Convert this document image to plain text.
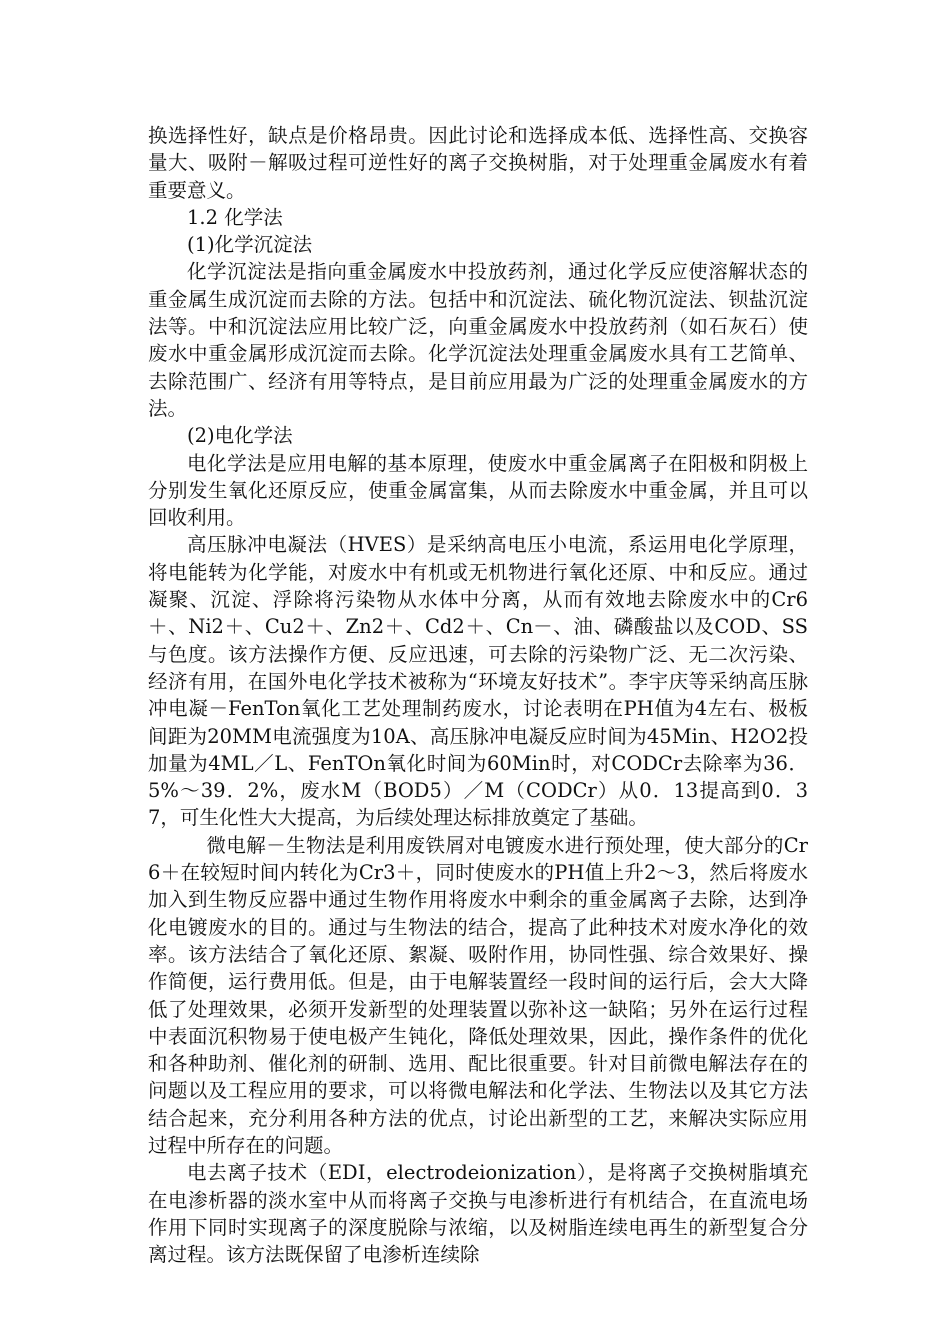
换选择性好，缺点是价格昂贵。因此讨论和选择成本低、选择性高、交换容量大、吸附－解吸过程可逆性好的离子交换树脂，对于处理重金属废水有着重要意义。

1.2 化学法

(1)化学沉淀法

化学沉淀法是指向重金属废水中投放药剂，通过化学反应使溶解状态的重金属生成沉淀而去除的方法。包括中和沉淀法、硫化物沉淀法、钡盐沉淀法等。中和沉淀法应用比较广泛，向重金属废水中投放药剂（如石灰石）使废水中重金属形成沉淀而去除。化学沉淀法处理重金属废水具有工艺简单、去除范围广、经济有用等特点，是目前应用最为广泛的处理重金属废水的方法。

(2)电化学法

电化学法是应用电解的基本原理，使废水中重金属离子在阳极和阴极上分别发生氧化还原反应，使重金属富集，从而去除废水中重金属，并且可以回收利用。

高压脉冲电凝法（HVES）是采纳高电压小电流，系运用电化学原理，将电能转为化学能，对废水中有机或无机物进行氧化还原、中和反应。通过凝聚、沉淀、浮除将污染物从水体中分离，从而有效地去除废水中的Cr6＋、Ni2＋、Cu2＋、Zn2＋、Cd2＋、Cn－、油、磷酸盐以及COD、SS与色度。该方法操作方便、反应迅速，可去除的污染物广泛、无二次污染、经济有用，在国外电化学技术被称为“环境友好技术”。李宇庆等采纳高压脉冲电凝－FenTon氧化工艺处理制药废水，讨论表明在PH值为4左右、极板间距为20MM电流强度为10A、高压脉冲电凝反应时间为45Min、H2O2投加量为4ML／L、FenTOn氧化时间为60Min时，对CODCr去除率为36．5%～39．2%，废水M（BOD5）／M（CODCr）从0．13提高到0．37，可生化性大大提高，为后续处理达标排放奠定了基础。

微电解－生物法是利用废铁屑对电镀废水进行预处理，使大部分的Cr6＋在较短时间内转化为Cr3＋，同时使废水的PH值上升2～3，然后将废水加入到生物反应器中通过生物作用将废水中剩余的重金属离子去除，达到净化电镀废水的目的。通过与生物法的结合，提高了此种技术对废水净化的效率。该方法结合了氧化还原、絮凝、吸附作用，协同性强、综合效果好、操作简便，运行费用低。但是，由于电解装置经一段时间的运行后，会大大降低了处理效果，必须开发新型的处理装置以弥补这一缺陷；另外在运行过程中表面沉积物易于使电极产生钝化，降低处理效果，因此，操作条件的优化和各种助剂、催化剂的研制、选用、配比很重要。针对目前微电解法存在的问题以及工程应用的要求，可以将微电解法和化学法、生物法以及其它方法结合起来，充分利用各种方法的优点，讨论出新型的工艺，来解决实际应用过程中所存在的问题。

电去离子技术（EDI，electrodeionization），是将离子交换树脂填充在电渗析器的淡水室中从而将离子交换与电渗析进行有机结合，在直流电场作用下同时实现离子的深度脱除与浓缩，以及树脂连续电再生的新型复合分离过程。该方法既保留了电渗析连续除
